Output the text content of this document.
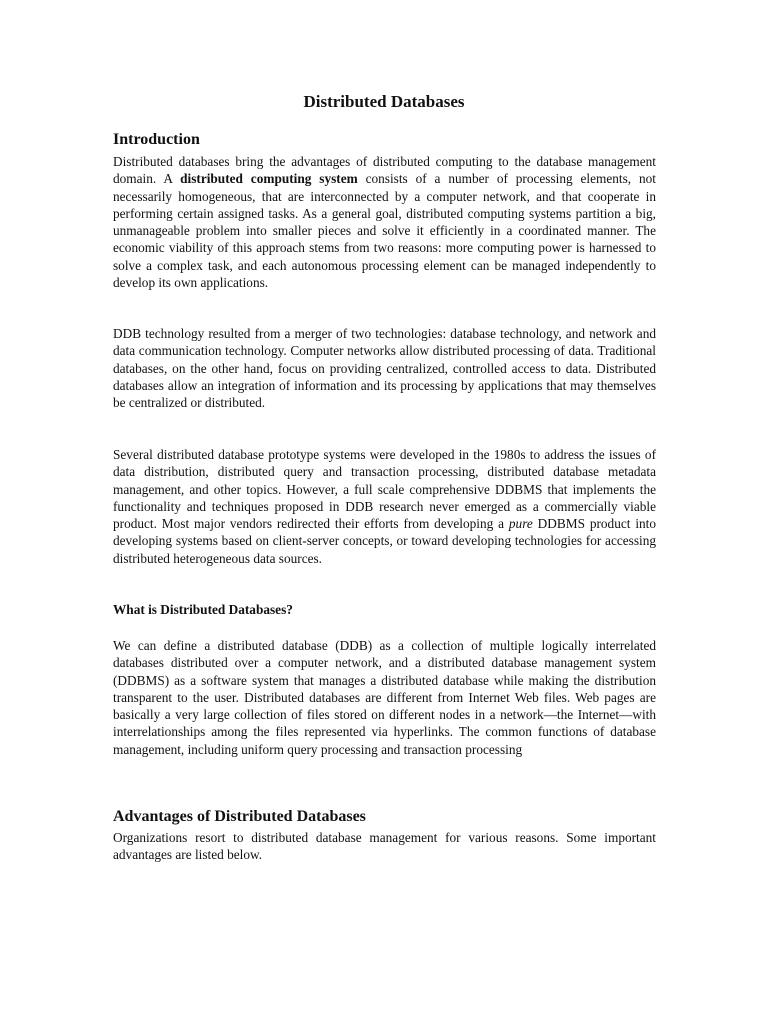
Distributed Databases
Introduction

Distributed databases bring the advantages of distributed computing to the database management domain. A distributed computing system consists of a number of processing elements, not necessarily homogeneous, that are interconnected by a computer network, and that cooperate in performing certain assigned tasks. As a general goal, distributed computing systems partition a big, unmanageable problem into smaller pieces and solve it efficiently in a coordinated manner. The economic viability of this approach stems from two reasons: more computing power is harnessed to solve a complex task, and each autonomous processing element can be managed independently to develop its own applications.

DDB technology resulted from a merger of two technologies: database technology, and network and data communication technology. Computer networks allow distributed processing of data. Traditional databases, on the other hand, focus on providing centralized, controlled access to data. Distributed databases allow an integration of information and its processing by applications that may themselves be centralized or distributed.

Several distributed database prototype systems were developed in the 1980s to address the issues of data distribution, distributed query and transaction processing, distributed database metadata management, and other topics. However, a full scale comprehensive DDBMS that implements the functionality and techniques proposed in DDB research never emerged as a commercially viable product. Most major vendors redirected their efforts from developing a pure DDBMS product into developing systems based on client-server concepts, or toward developing technologies for accessing distributed heterogeneous data sources.

What is Distributed Databases?

We can define a distributed database (DDB) as a collection of multiple logically interrelated databases distributed over a computer network, and a distributed database management system (DDBMS) as a software system that manages a distributed database while making the distribution transparent to the user. Distributed databases are different from Internet Web files. Web pages are basically a very large collection of files stored on different nodes in a network—the Internet—with interrelationships among the files represented via hyperlinks. The common functions of database management, including uniform query processing and transaction processing

Advantages of Distributed Databases

Organizations resort to distributed database management for various reasons. Some important advantages are listed below.
